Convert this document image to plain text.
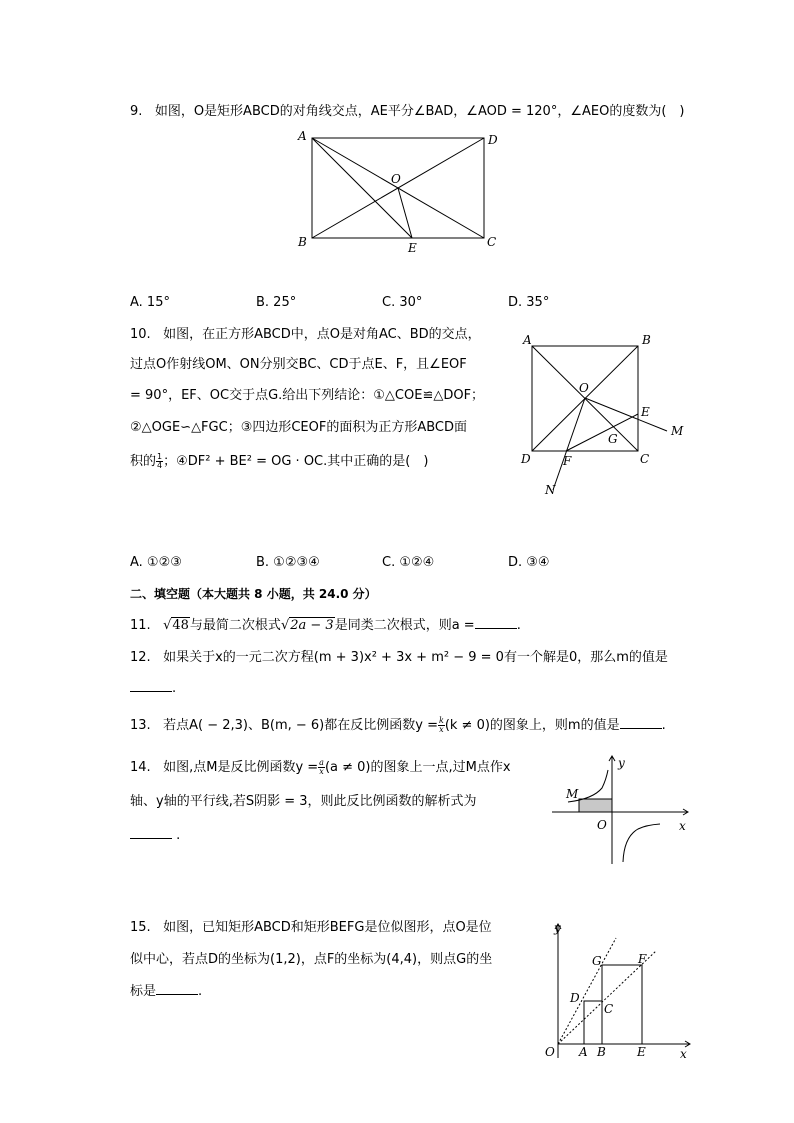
9. 如图，O是矩形ABCD的对角线交点，AE平分∠BAD，∠AOD = 120°，∠AEO的度数为(　)
A	D
B	C
O
E
A. 15°	B. 25°	C. 30°	D. 35°
10. 如图，在正方形ABCD中，点O是对角AC、BD的交点，
过点O作射线OM、ON分别交BC、CD于点E、F，且∠EOF
= 90°，EF、OC交于点G.给出下列结论：①△COE≌△DOF；
②△OGE∽△FGC；③四边形CEOF的面积为正方形ABCD面
积的 $\frac{1}{4}$ ；④DF² + BE² = OG · OC.其中正确的是(　)
A	B
D	C
O
E
F
G
M
N
A. ①②③	B. ①②③④	C. ①②④	D. ③④
二、填空题（本大题共 8 小题，共 24.0 分）
11.   √48与最简二次根式√2a − 3是同类二次根式，则a =	.
12. 如果关于x的一元二次方程(m + 3)x² + 3x + m² − 9 = 0有一个解是0，那么m的值是
.
13. 若点A( − 2,3)、B(m, − 6)都在反比例函数$y = \frac{k}{x} (k \ne 0)$的图象上，则m的值是	.
14. 如图,点M是反比例函数$y = \frac{a}{x} (a \ne 0)$的图象上一点,过M点作x
轴、y轴的平行线,若S阴影 = 3，则此反比例函数的解析式为
.
M
O	x
y
15. 如图，已知矩形ABCD和矩形BEFG是位似图形，点O是位
似中心，若点D的坐标为(1,2)，点F的坐标为(4,4)，则点G的坐
标是	.
y
x
O A B	E
D
C
G	F
